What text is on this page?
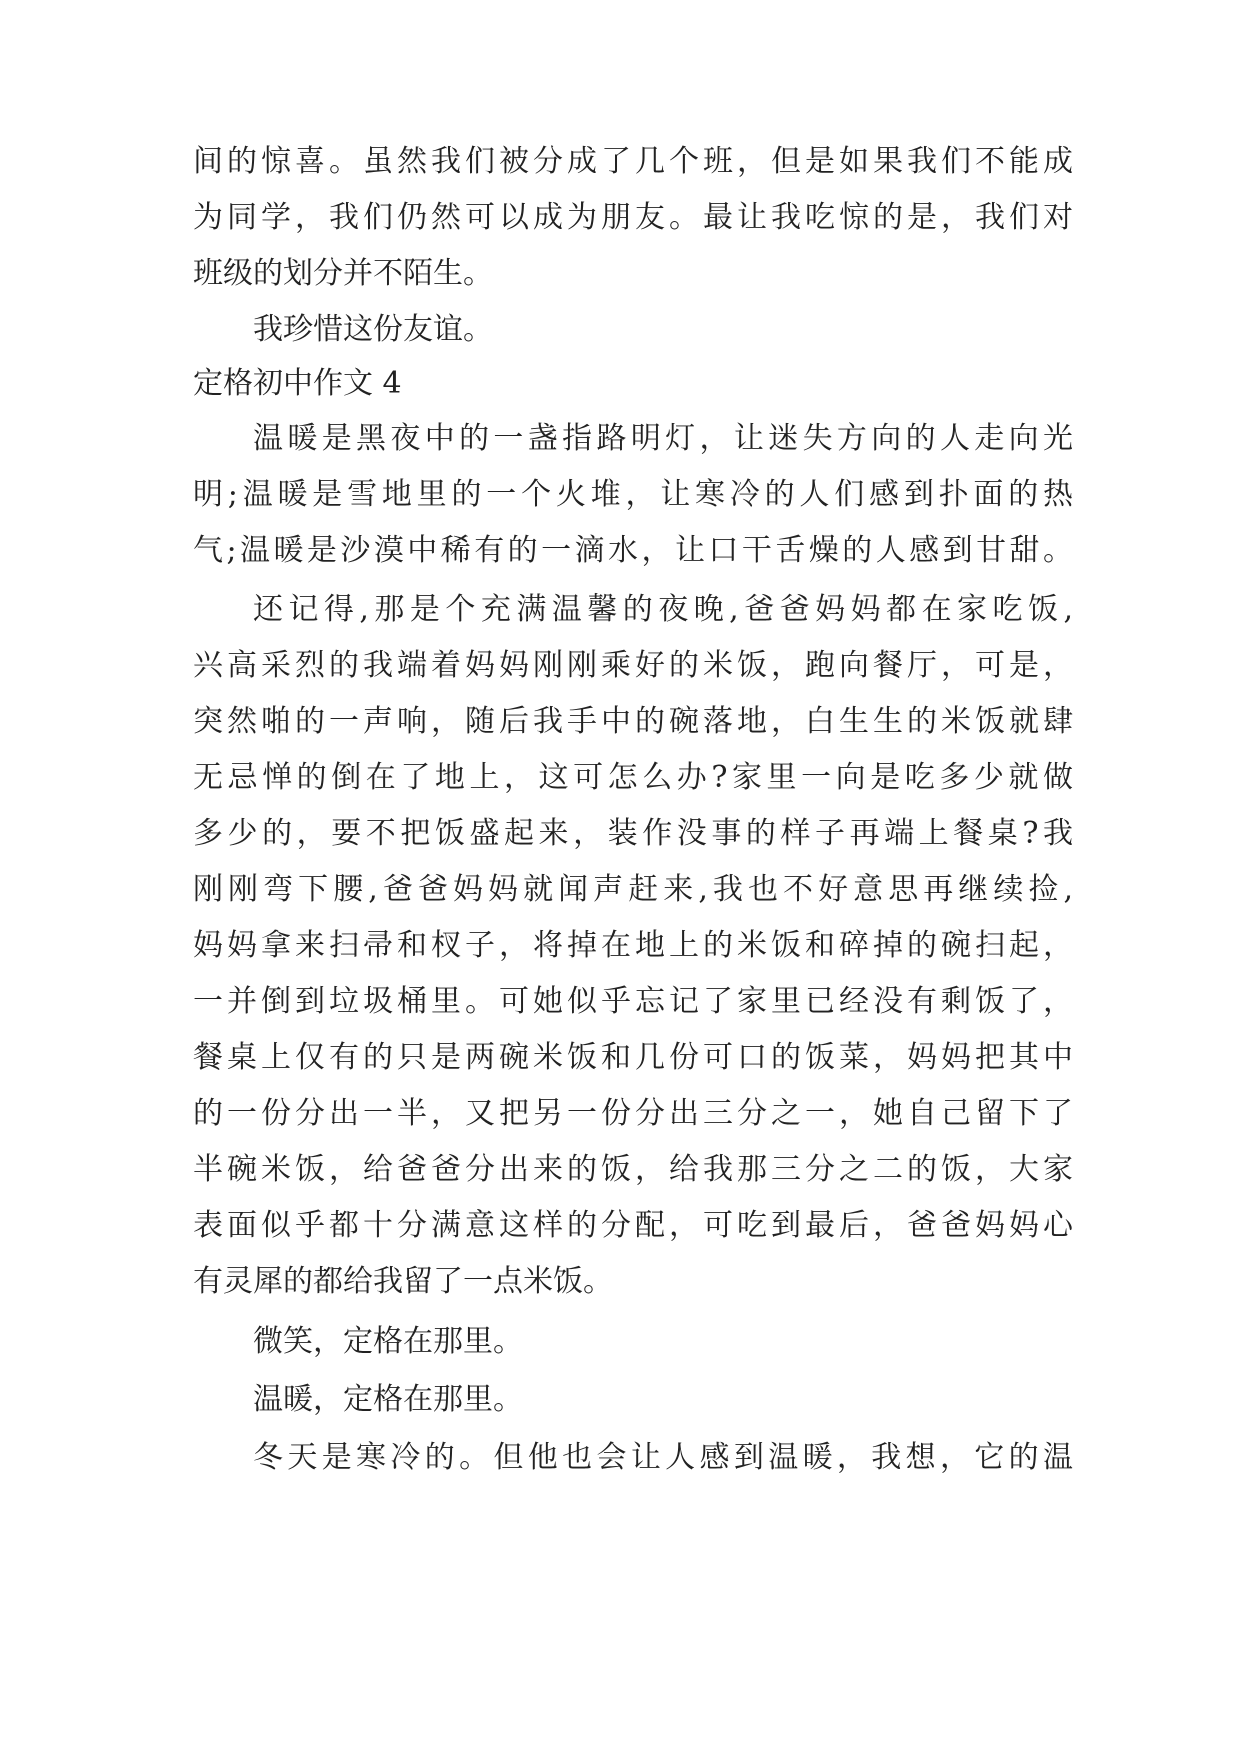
间的惊喜。虽然我们被分成了几个班，但是如果我们不能成
为同学，我们仍然可以成为朋友。最让我吃惊的是，我们对
班级的划分并不陌生。
我珍惜这份友谊。
定格初中作文 4
温暖是黑夜中的一盏指路明灯，让迷失方向的人走向光
明;温暖是雪地里的一个火堆，让寒冷的人们感到扑面的热
气;温暖是沙漠中稀有的一滴水，让口干舌燥的人感到甘甜。
还记得,那是个充满温馨的夜晚,爸爸妈妈都在家吃饭,
兴高采烈的我端着妈妈刚刚乘好的米饭，跑向餐厅，可是，
突然啪的一声响，随后我手中的碗落地，白生生的米饭就肆
无忌惮的倒在了地上，这可怎么办?家里一向是吃多少就做
多少的，要不把饭盛起来，装作没事的样子再端上餐桌?我
刚刚弯下腰,爸爸妈妈就闻声赶来,我也不好意思再继续捡,
妈妈拿来扫帚和杈子，将掉在地上的米饭和碎掉的碗扫起，
一并倒到垃圾桶里。可她似乎忘记了家里已经没有剩饭了，
餐桌上仅有的只是两碗米饭和几份可口的饭菜，妈妈把其中
的一份分出一半，又把另一份分出三分之一，她自己留下了
半碗米饭，给爸爸分出来的饭，给我那三分之二的饭，大家
表面似乎都十分满意这样的分配，可吃到最后，爸爸妈妈心
有灵犀的都给我留了一点米饭。
微笑，定格在那里。
温暖，定格在那里。
冬天是寒冷的。但他也会让人感到温暖，我想，它的温
